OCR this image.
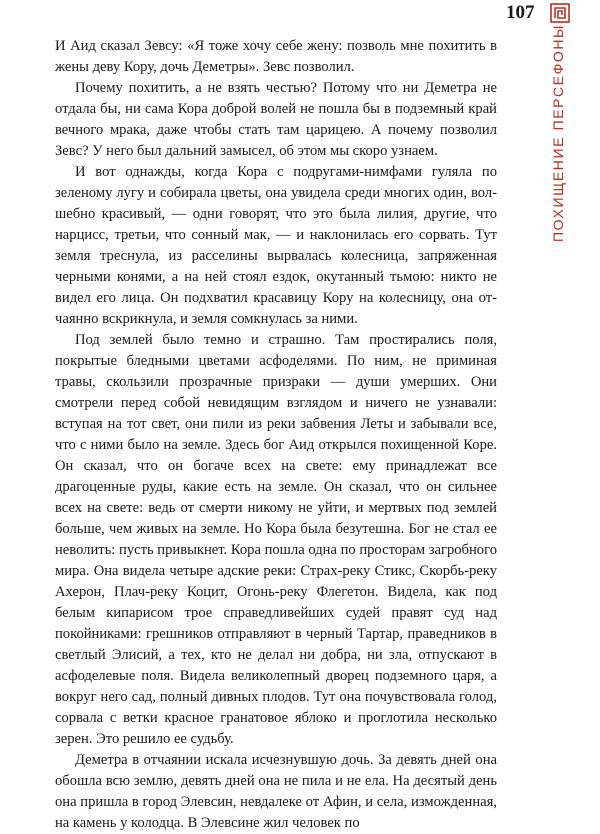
107
ПОХИЩЕНИЕ ПЕРСЕФОНЫ

И Аид сказал Зевсу: «Я тоже хочу себе жену: позволь мне похитить в жены деву Кору, дочь Деметры». Зевс позволил.

Почему похитить, а не взять честью? Потому что ни Деметра не отдала бы, ни сама Кора доброй волей не пошла бы в подземный край вечного мрака, даже чтобы стать там царицею. А почему позволил Зевс? У него был дальний замысел, об этом мы скоро узнаем.

И вот однажды, когда Кора с подругами-нимфами гуляла по зеленому лугу и собирала цветы, она увидела среди многих один, волшебно красивый, — одни говорят, что это была лилия, другие, что нарцисс, третьи, что сонный мак, — и наклонилась его сорвать. Тут земля треснула, из расселины вырвалась колесница, запряженная черными конями, а на ней стоял ездок, окутанный тьмою: никто не видел его лица. Он подхватил красавицу Кору на колесницу, она отчаянно вскрикнула, и земля сомкнулась за ними.

Под землей было темно и страшно. Там простирались поля, покрытые бледными цветами асфоделями. По ним, не приминая травы, скользили прозрачные призраки — души умерших. Они смотрели перед собой невидящим взглядом и ничего не узнавали: вступая на тот свет, они пили из реки забвения Леты и забывали все, что с ними было на земле. Здесь бог Аид открылся похищенной Коре. Он сказал, что он богаче всех на свете: ему принадлежат все драгоценные руды, какие есть на земле. Он сказал, что он сильнее всех на свете: ведь от смерти никому не уйти, и мертвых под землей больше, чем живых на земле. Но Кора была безутешна. Бог не стал ее неволить: пусть привыкнет. Кора пошла одна по просторам загробного мира. Она видела четыре адские реки: Страх-реку Стикс, Скорбь-реку Ахерон, Плач-реку Коцит, Огонь-реку Флегетон. Видела, как под белым кипарисом трое справедливейших судей правят суд над покойниками: грешников отправляют в черный Тартар, праведников в светлый Элисий, а тех, кто не делал ни добра, ни зла, отпускают в асфоделевые поля. Видела великолепный дворец подземного царя, а вокруг него сад, полный дивных плодов. Тут она почувствовала голод, сорвала с ветки красное гранатовое яблоко и проглотила несколько зерен. Это решило ее судьбу.

Деметра в отчаянии искала исчезнувшую дочь. За девять дней она обошла всю землю, девять дней она не пила и не ела. На десятый день она пришла в город Элевсин, невдалеке от Афин, и села, изможденная, на камень у колодца. В Элевсине жил человек по
